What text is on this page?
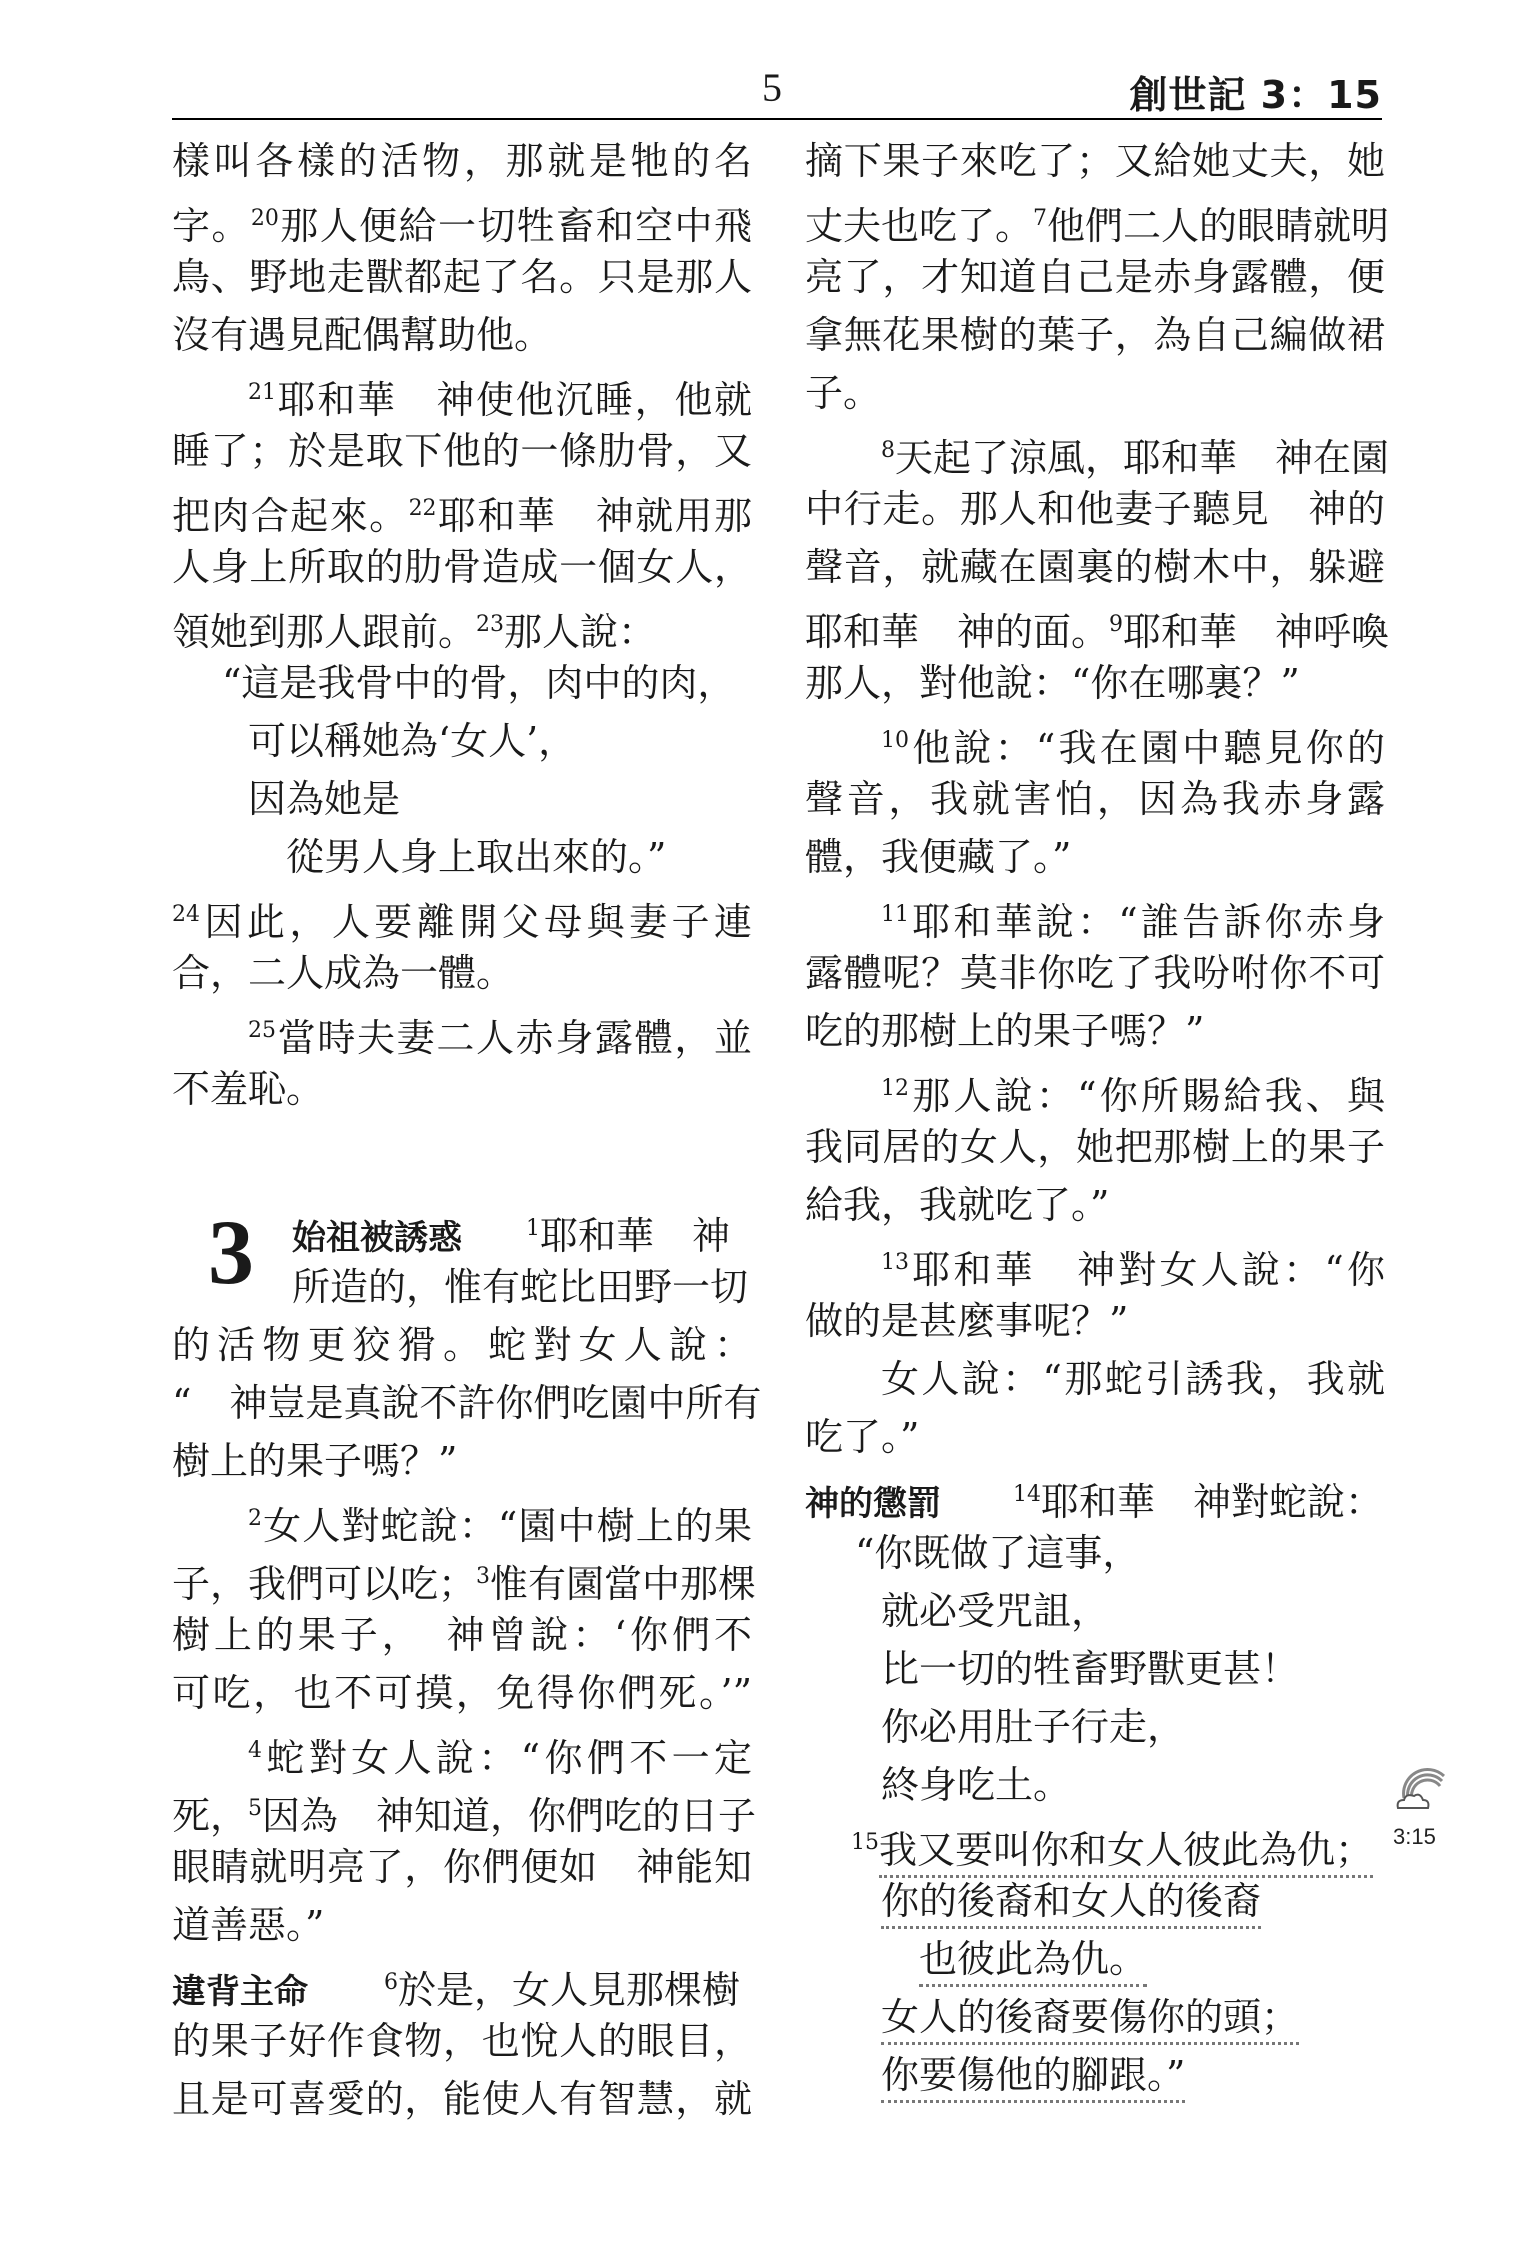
5	創世記 3：15
樣叫各樣的活物，那就是牠的名
字。$^{20}$那人便給一切牲畜和空中飛
鳥、野地走獸都起了名。只是那人
沒有遇見配偶幫助他。
$^{21}$耶和華　神使他沉睡，他就
睡了；於是取下他的一條肋骨，又
把肉合起來。$^{22}$耶和華　神就用那
人身上所取的肋骨造成一個女人，
領她到那人跟前。$^{23}$那人說：
“這是我骨中的骨，肉中的肉，
可以稱她為‘女人’，
因為她是
從男人身上取出來的。”
$^{24}$因此，人要離開父母與妻子連
合，二人成為一體。
$^{25}$當時夫妻二人赤身露體，並
不羞恥。
3	始祖被誘惑	$^1$耶和華　神
所造的，惟有蛇比田野一切
的活物更狡猾。蛇對女人說：
“　神豈是真說不許你們吃園中所有
樹上的果子嗎？”
$^2$女人對蛇說：“園中樹上的果
子，我們可以吃；$^3$惟有園當中那棵
樹上的果子，　神曾說：‘你們不
可吃，也不可摸，免得你們死。’”
$^4$蛇對女人說：“你們不一定
死，$^5$因為　神知道，你們吃的日子
眼睛就明亮了，你們便如　神能知
道善惡。”
違背主命	$^6$於是，女人見那棵樹
的果子好作食物，也悅人的眼目，
且是可喜愛的，能使人有智慧，就
摘下果子來吃了；又給她丈夫，她
丈夫也吃了。$^7$他們二人的眼睛就明
亮了，才知道自己是赤身露體，便
拿無花果樹的葉子，為自己編做裙
子。
$^8$天起了涼風，耶和華　神在園
中行走。那人和他妻子聽見　神的
聲音，就藏在園裏的樹木中，躲避
耶和華　神的面。$^9$耶和華　神呼喚
那人，對他說：“你在哪裏？”
$^{10}$他說：“我在園中聽見你的
聲音，我就害怕，因為我赤身露
體，我便藏了。”
$^{11}$耶和華說：“誰告訴你赤身
露體呢？莫非你吃了我吩咐你不可
吃的那樹上的果子嗎？”
$^{12}$那人說：“你所賜給我、與
我同居的女人，她把那樹上的果子
給我，我就吃了。”
$^{13}$耶和華　神對女人說：“你
做的是甚麼事呢？”
女人說：“那蛇引誘我，我就
吃了。”
神的懲罰	$^{14}$耶和華　神對蛇說：
“你既做了這事，
就必受咒詛，
比一切的牲畜野獸更甚！
你必用肚子行走，
終身吃土。
$^{15}$我又要叫你和女人彼此為仇；
你的後裔和女人的後裔
也彼此為仇。
女人的後裔要傷你的頭；
你要傷他的腳跟。”
3:15
